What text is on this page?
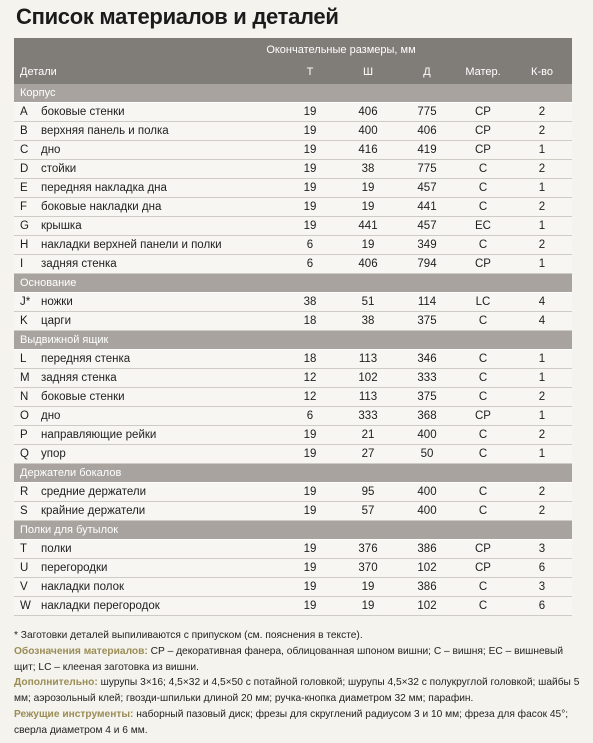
Список материалов и деталей
Окончательные размеры, мм
Детали	Т	Ш	Д	Матер.	К-во
Корпус
A боковые стенки	19	406	775	СР	2
B верхняя панель и полка	19	400	406	СР	2
C дно	19	416	419	СР	1
D стойки	19	38	775	С	2
E передняя накладка дна	19	19	457	С	1
F боковые накладки дна	19	19	441	С	2
G крышка	19	441	457	ЕС	1
H накладки верхней панели и полки	6	19	349	С	2
I задняя стенка	6	406	794	СР	1
Основание
J* ножки	38	51	114	LC	4
K царги	18	38	375	С	4
Выдвижной ящик
L передняя стенка	18	113	346	С	1
M задняя стенка	12	102	333	С	1
N боковые стенки	12	113	375	С	2
O дно	6	333	368	СР	1
P направляющие рейки	19	21	400	С	2
Q упор	19	27	50	С	1
Держатели бокалов
R средние держатели	19	95	400	С	2
S крайние держатели	19	57	400	С	2
Полки для бутылок
T полки	19	376	386	СР	3
U перегородки	19	370	102	СР	6
V накладки полок	19	19	386	С	3
W накладки перегородок	19	19	102	С	6

* Заготовки деталей выпиливаются с припуском (см. пояснения в тексте).

Обозначения материалов: СР – декоративная фанера, облицованная шпоном вишни; С – вишня; ЕС – вишневый щит; LC – клееная заготовка из вишни.

Дополнительно: шурупы 3×16; 4,5×32 и 4,5×50 с потайной головкой; шурупы 4,5×32 с полукруглой головкой; шайбы 5 мм; аэрозольный клей; гвозди-шпильки длиной 20 мм; ручка-кнопка диаметром 32 мм; парафин.

Режущие инструменты: наборный пазовый диск; фрезы для скруглений радиусом 3 и 10 мм; фреза для фасок 45°; сверла диаметром 4 и 6 мм.
